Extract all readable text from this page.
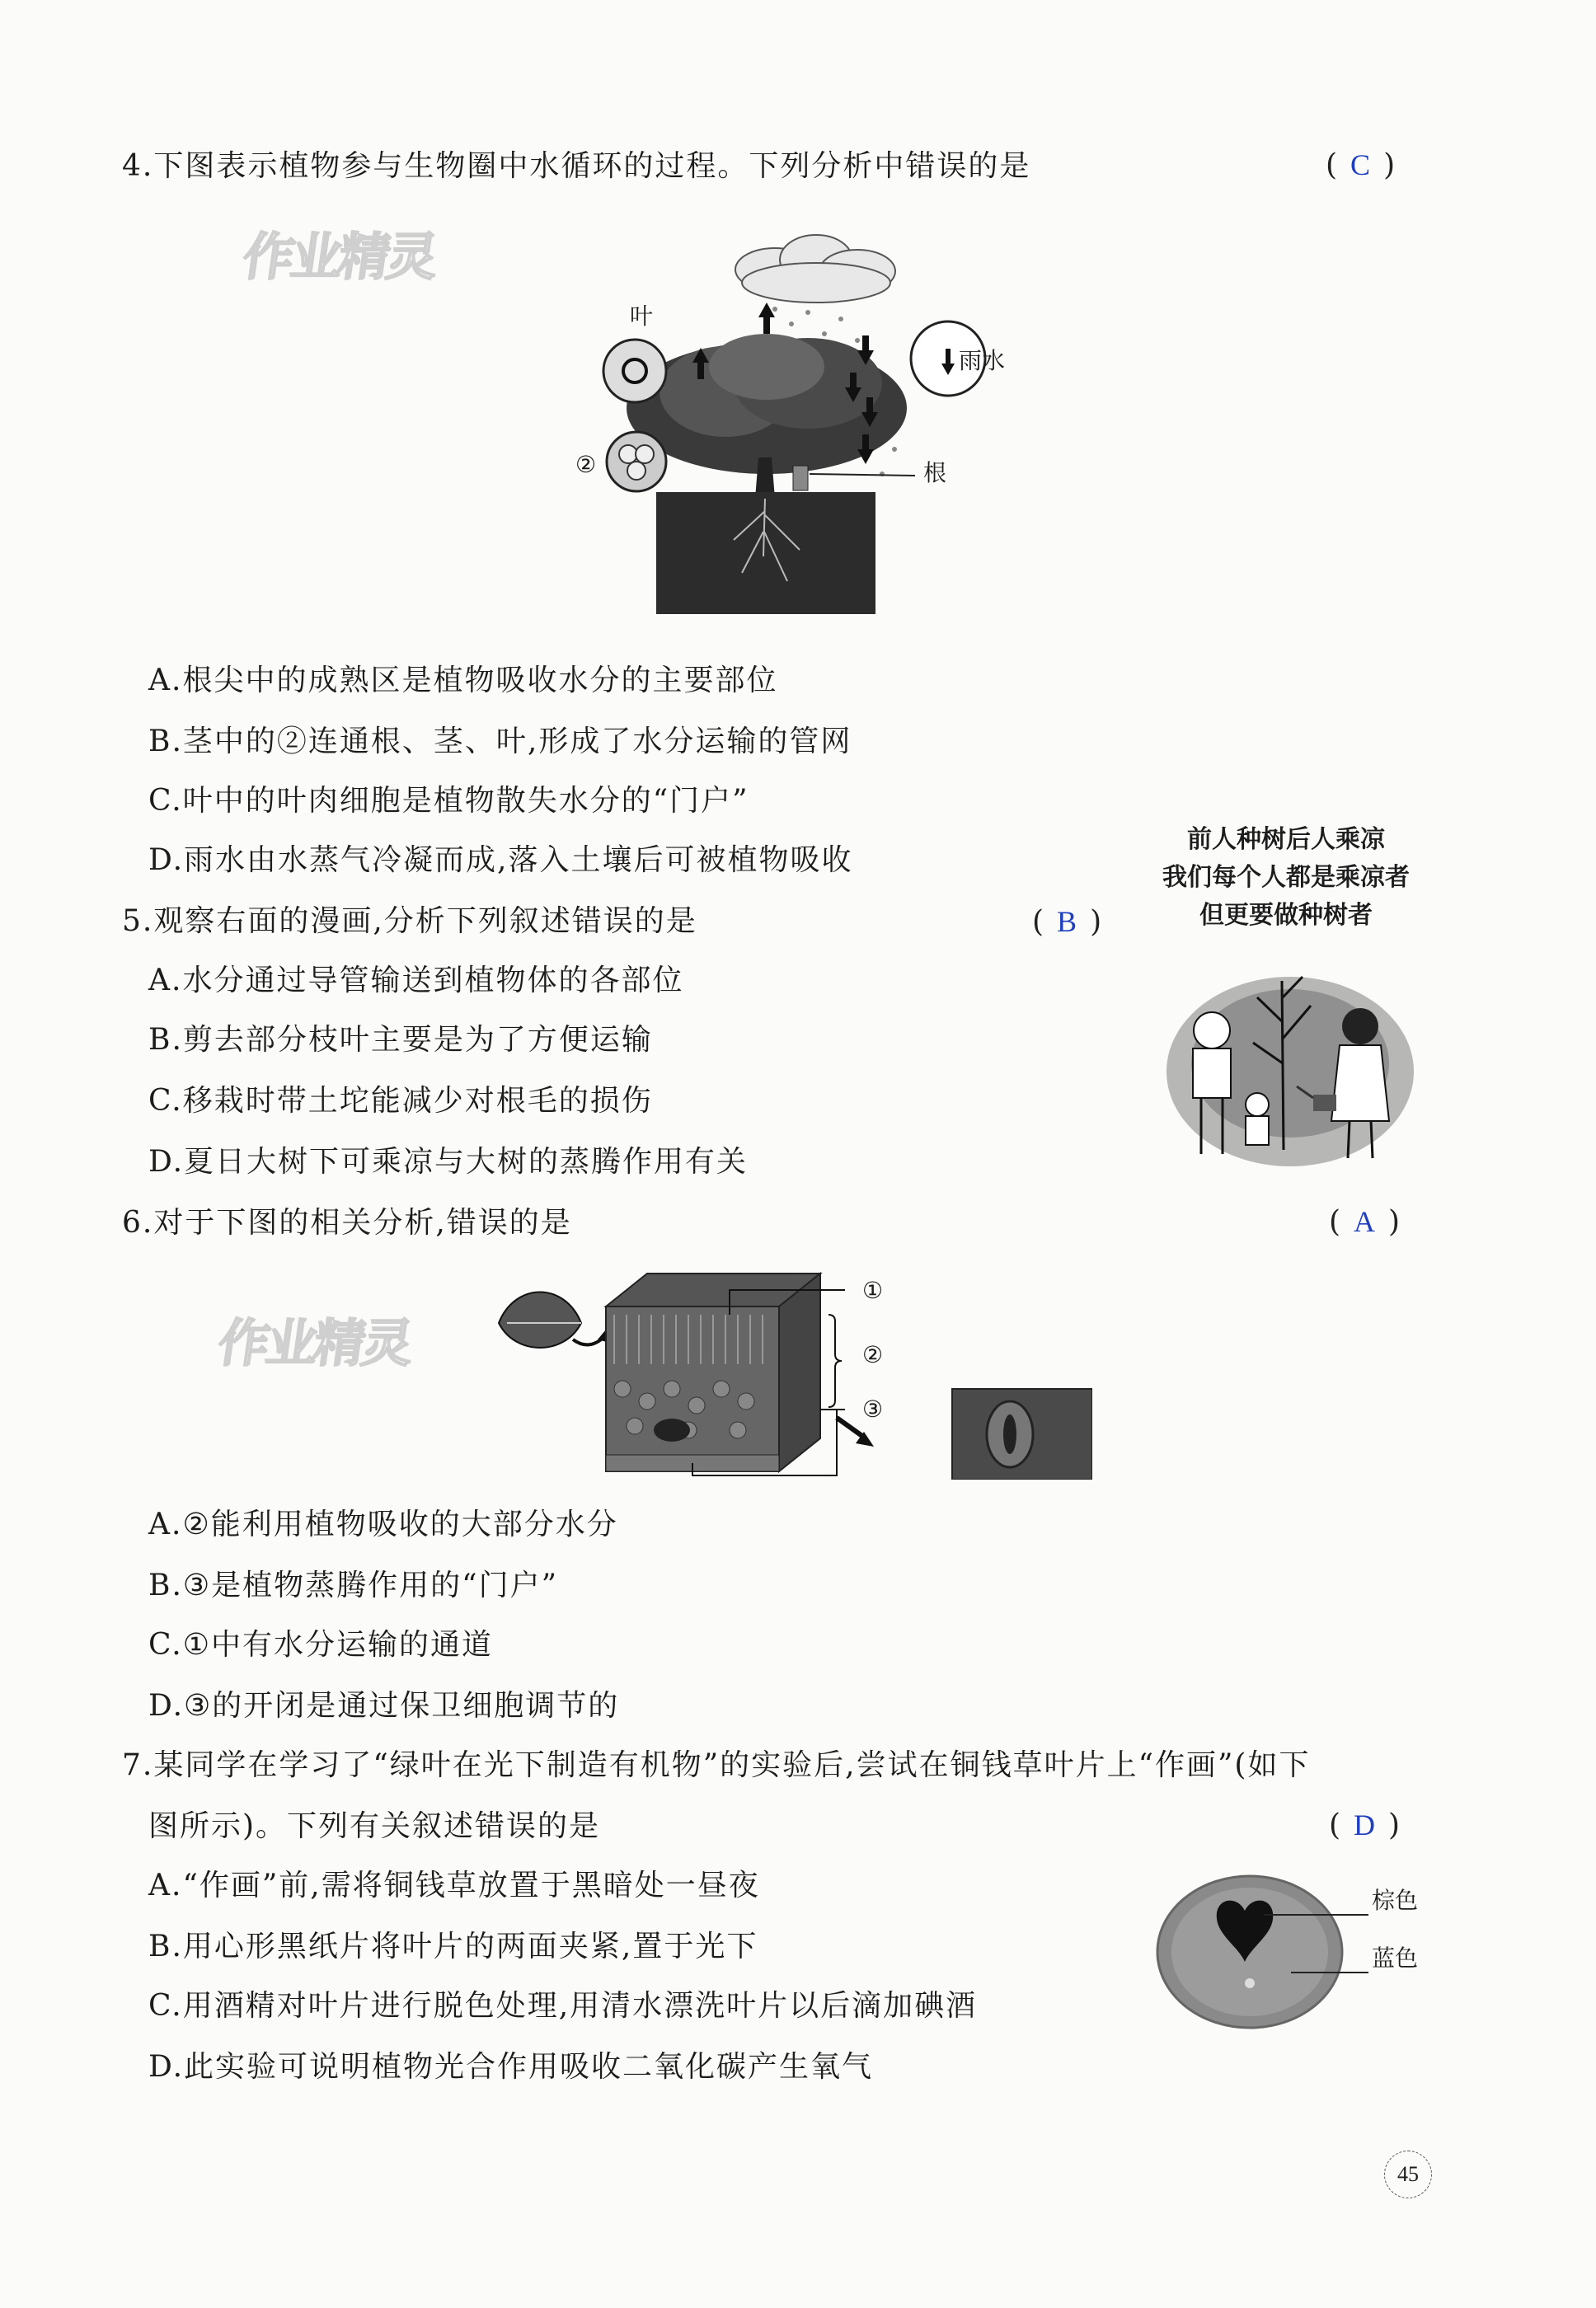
4.下图表示植物参与生物圈中水循环的过程。下列分析中错误的是	( C )
作业精灵
叶
雨水
②	根
A.根尖中的成熟区是植物吸收水分的主要部位
B.茎中的②连通根、茎、叶,形成了水分运输的管网
C.叶中的叶肉细胞是植物散失水分的“门户”
D.雨水由水蒸气冷凝而成,落入土壤后可被植物吸收
5.观察右面的漫画,分析下列叙述错误的是	( B )
A.水分通过导管输送到植物体的各部位
B.剪去部分枝叶主要是为了方便运输
C.移栽时带土坨能减少对根毛的损伤
D.夏日大树下可乘凉与大树的蒸腾作用有关
前人种树后人乘凉
我们每个人都是乘凉者
但更要做种树者
6.对于下图的相关分析,错误的是	( A )
作业精灵
①
②
③
A.②能利用植物吸收的大部分水分
B.③是植物蒸腾作用的“门户”
C.①中有水分运输的通道
D.③的开闭是通过保卫细胞调节的
7.某同学在学习了“绿叶在光下制造有机物”的实验后,尝试在铜钱草叶片上“作画”(如下
图所示)。下列有关叙述错误的是	( D )
棕色
蓝色
A.“作画”前,需将铜钱草放置于黑暗处一昼夜
B.用心形黑纸片将叶片的两面夹紧,置于光下
C.用酒精对叶片进行脱色处理,用清水漂洗叶片以后滴加碘酒
D.此实验可说明植物光合作用吸收二氧化碳产生氧气
45
